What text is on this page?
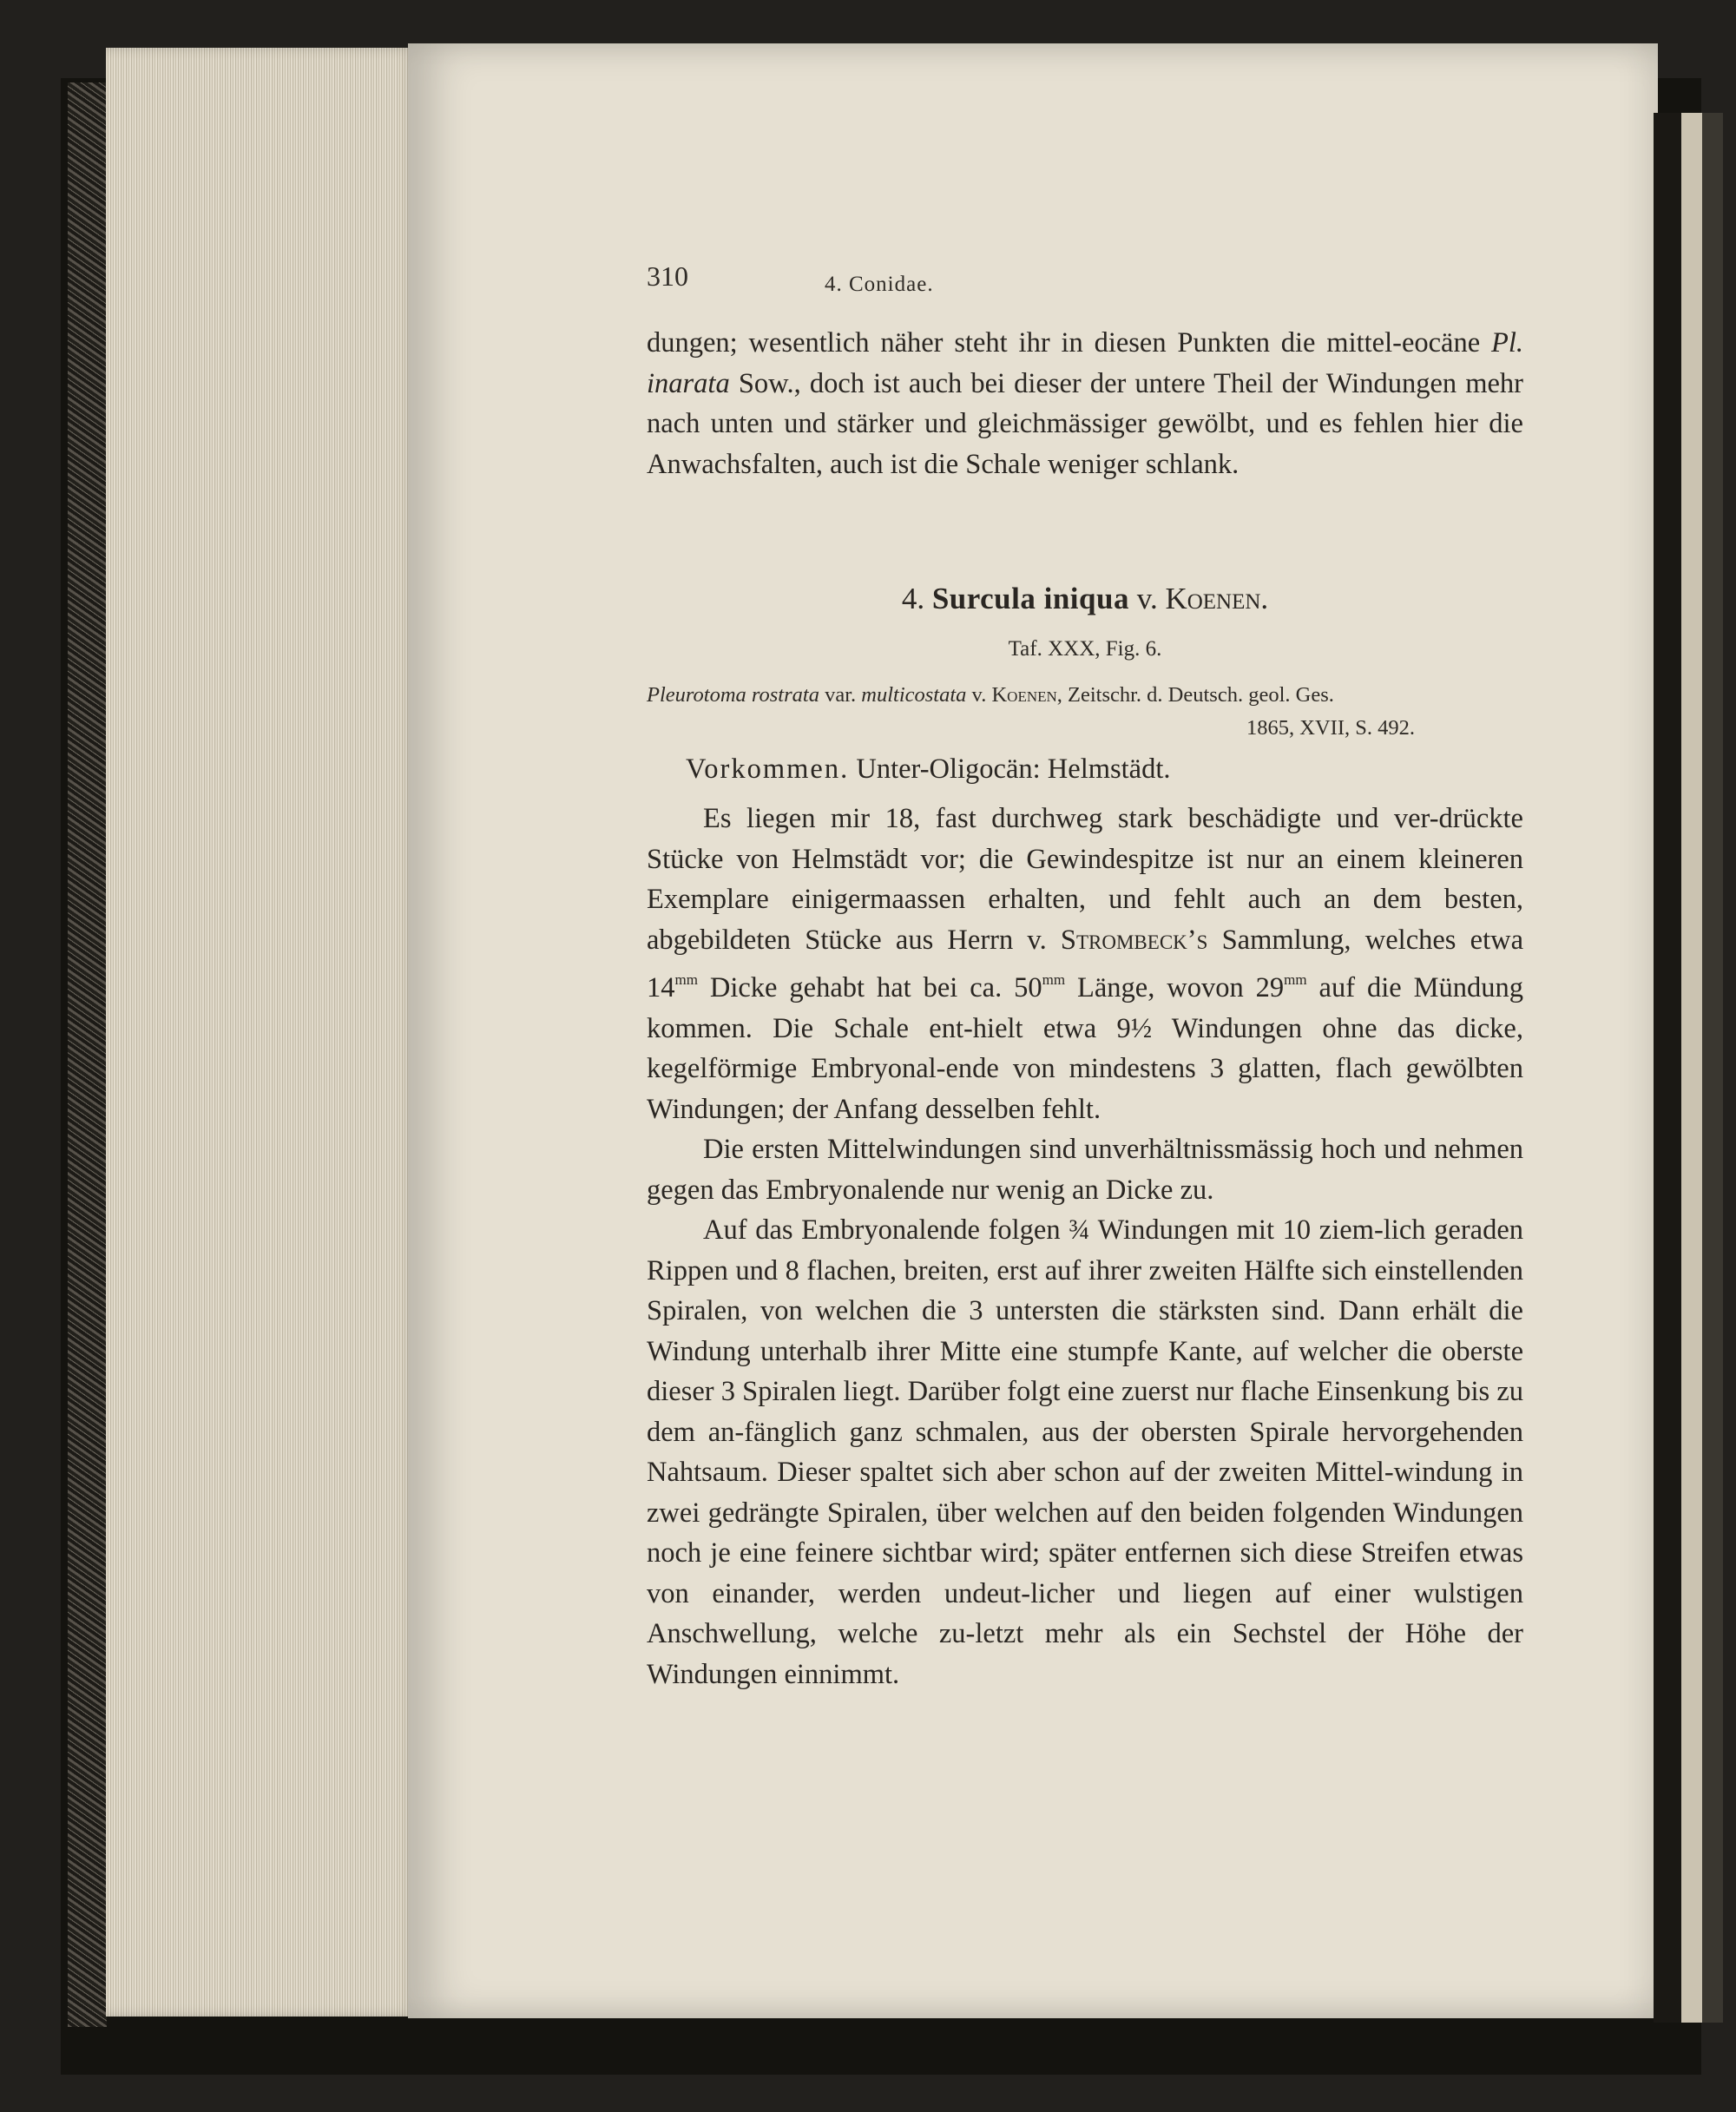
310	4. Conidae.

dungen; wesentlich näher steht ihr in diesen Punkten die mittel-eocäne Pl. inarata Sow., doch ist auch bei dieser der untere Theil der Windungen mehr nach unten und stärker und gleichmässiger gewölbt, und es fehlen hier die Anwachsfalten, auch ist die Schale weniger schlank.

4. Surcula iniqua v. Koenen.
Taf. XXX, Fig. 6.
Pleurotoma rostrata var. multicostata v. Koenen, Zeitschr. d. Deutsch. geol. Ges.
1865, XVII, S. 492.
Vorkommen. Unter-Oligocän: Helmstädt.

Es liegen mir 18, fast durchweg stark beschädigte und ver-drückte Stücke von Helmstädt vor; die Gewindespitze ist nur an einem kleineren Exemplare einigermaassen erhalten, und fehlt auch an dem besten, abgebildeten Stücke aus Herrn v. Strombeck’s Sammlung, welches etwa $14^{mm}$ Dicke gehabt hat bei ca. $50^{mm}$ Länge, wovon $29^{mm}$ auf die Mündung kommen. Die Schale ent-hielt etwa 9½ Windungen ohne das dicke, kegelförmige Embryonal-ende von mindestens 3 glatten, flach gewölbten Windungen; der Anfang desselben fehlt.

Die ersten Mittelwindungen sind unverhältnissmässig hoch und nehmen gegen das Embryonalende nur wenig an Dicke zu.

Auf das Embryonalende folgen ¾ Windungen mit 10 ziem-lich geraden Rippen und 8 flachen, breiten, erst auf ihrer zweiten Hälfte sich einstellenden Spiralen, von welchen die 3 untersten die stärksten sind. Dann erhält die Windung unterhalb ihrer Mitte eine stumpfe Kante, auf welcher die oberste dieser 3 Spiralen liegt. Darüber folgt eine zuerst nur flache Einsenkung bis zu dem an-fänglich ganz schmalen, aus der obersten Spirale hervorgehenden Nahtsaum. Dieser spaltet sich aber schon auf der zweiten Mittel-windung in zwei gedrängte Spiralen, über welchen auf den beiden folgenden Windungen noch je eine feinere sichtbar wird; später entfernen sich diese Streifen etwas von einander, werden undeut-licher und liegen auf einer wulstigen Anschwellung, welche zu-letzt mehr als ein Sechstel der Höhe der Windungen einnimmt.
